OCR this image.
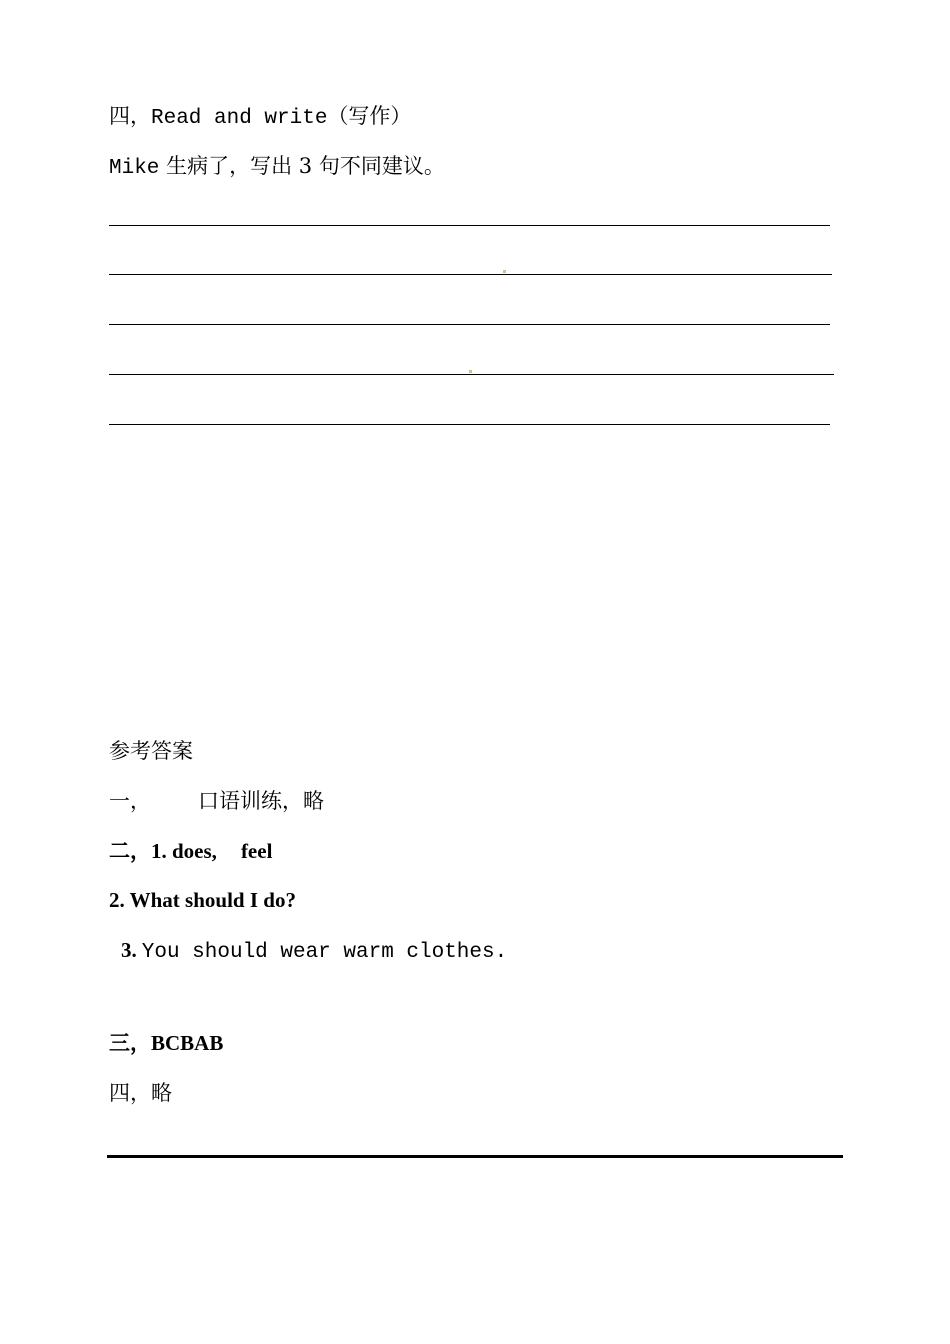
四，Read and write（写作）
Mike 生病了，写出 3 句不同建议。
参考答案
一， 口语训练，略
二，1. does, feel
2. What should I do?
3. You should wear warm clothes.
三，BCBAB
四，略
